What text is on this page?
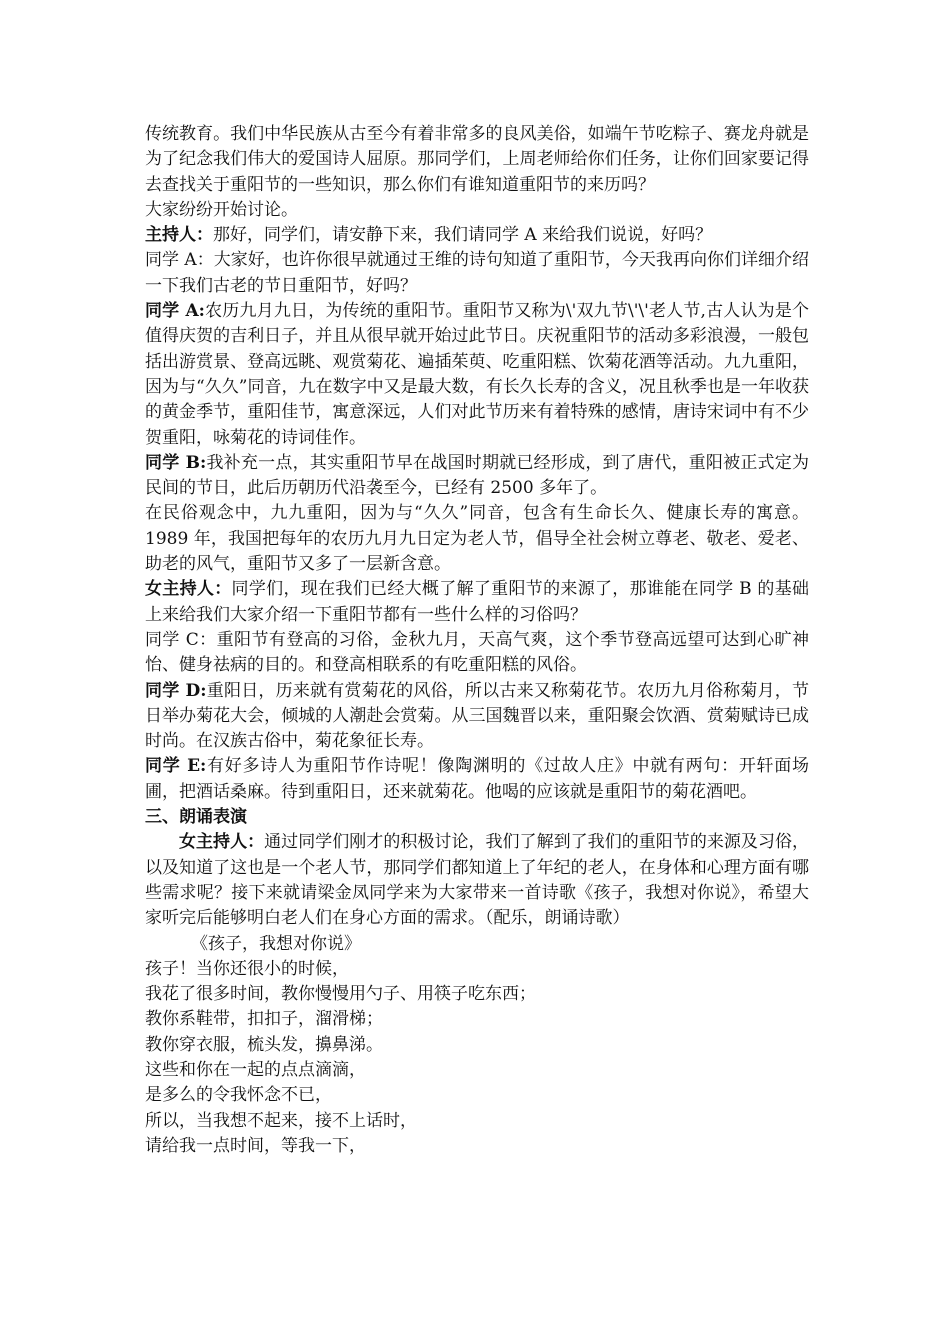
传统教育。我们中华民族从古至今有着非常多的良风美俗，如端午节吃粽子、赛龙舟就是为了纪念我们伟大的爱国诗人屈原。那同学们，上周老师给你们任务，让你们回家要记得去查找关于重阳节的一些知识，那么你们有谁知道重阳节的来历吗？

大家纷纷开始讨论。

主持人：那好，同学们，请安静下来，我们请同学 A 来给我们说说，好吗？

同学 A：大家好，也许你很早就通过王维的诗句知道了重阳节，今天我再向你们详细介绍一下我们古老的节日重阳节，好吗？

同学 A:农历九月九日，为传统的重阳节。重阳节又称为\'双九节\'\'老人节,古人认为是个值得庆贺的吉利日子，并且从很早就开始过此节日。庆祝重阳节的活动多彩浪漫，一般包括出游赏景、登高远眺、观赏菊花、遍插茱萸、吃重阳糕、饮菊花酒等活动。九九重阳，因为与“久久”同音，九在数字中又是最大数，有长久长寿的含义，况且秋季也是一年收获的黄金季节，重阳佳节，寓意深远，人们对此节历来有着特殊的感情，唐诗宋词中有不少贺重阳，咏菊花的诗词佳作。

同学 B:我补充一点，其实重阳节早在战国时期就已经形成，到了唐代，重阳被正式定为民间的节日，此后历朝历代沿袭至今，已经有 2500 多年了。

在民俗观念中，九九重阳，因为与“久久”同音，包含有生命长久、健康长寿的寓意。1989 年，我国把每年的农历九月九日定为老人节，倡导全社会树立尊老、敬老、爱老、助老的风气，重阳节又多了一层新含意。

女主持人：同学们，现在我们已经大概了解了重阳节的来源了，那谁能在同学 B 的基础上来给我们大家介绍一下重阳节都有一些什么样的习俗吗？

同学 C：重阳节有登高的习俗，金秋九月，天高气爽，这个季节登高远望可达到心旷神怡、健身祛病的目的。和登高相联系的有吃重阳糕的风俗。

同学 D:重阳日，历来就有赏菊花的风俗，所以古来又称菊花节。农历九月俗称菊月，节日举办菊花大会，倾城的人潮赴会赏菊。从三国魏晋以来，重阳聚会饮酒、赏菊赋诗已成时尚。在汉族古俗中，菊花象征长寿。

同学 E:有好多诗人为重阳节作诗呢！像陶渊明的《过故人庄》中就有两句：开轩面场圃，把酒话桑麻。待到重阳日，还来就菊花。他喝的应该就是重阳节的菊花酒吧。

三、朗诵表演

女主持人：通过同学们刚才的积极讨论，我们了解到了我们的重阳节的来源及习俗，以及知道了这也是一个老人节，那同学们都知道上了年纪的老人，在身体和心理方面有哪些需求呢？接下来就请梁金凤同学来为大家带来一首诗歌《孩子，我想对你说》，希望大家听完后能够明白老人们在身心方面的需求。（配乐，朗诵诗歌）

《孩子，我想对你说》

孩子！当你还很小的时候，

我花了很多时间，教你慢慢用勺子、用筷子吃东西；

教你系鞋带，扣扣子，溜滑梯；

教你穿衣服，梳头发，擤鼻涕。

这些和你在一起的点点滴滴，

是多么的令我怀念不已，

所以，当我想不起来，接不上话时，

请给我一点时间，等我一下，
